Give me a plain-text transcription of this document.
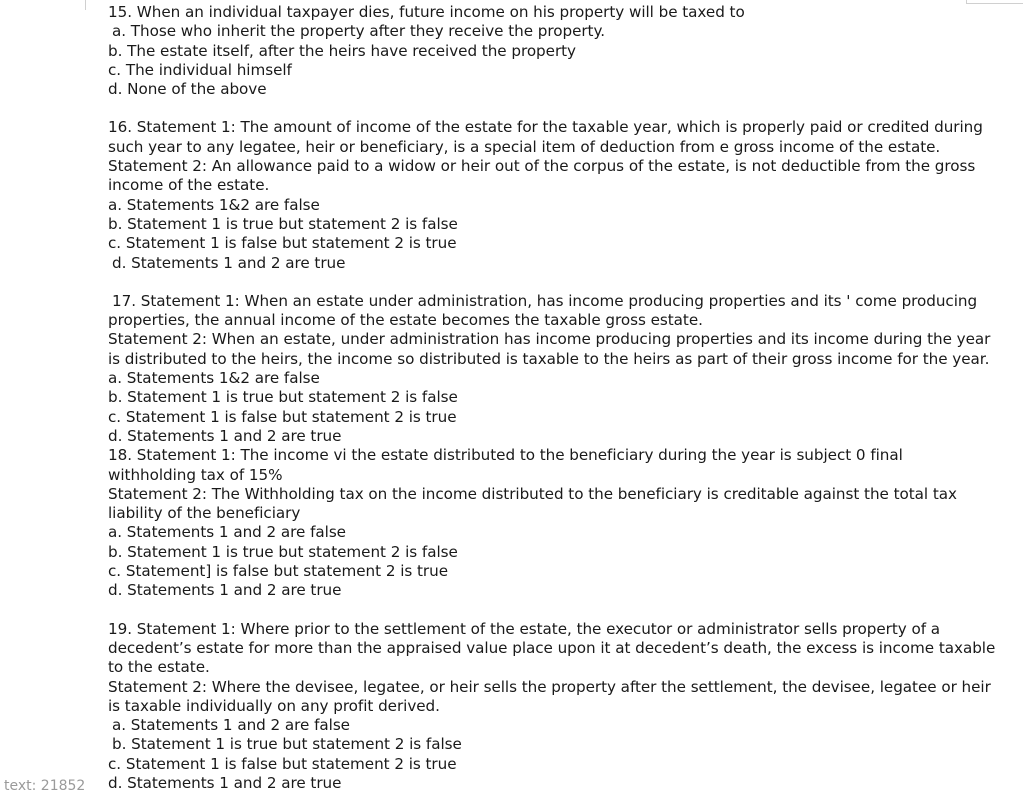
15. When an individual taxpayer dies, future income on his property will be taxed to
a. Those who inherit the property after they receive the property.
b. The estate itself, after the heirs have received the property
c. The individual himself
d. None of the above
16. Statement 1: The amount of income of the estate for the taxable year, which is properly paid or credited during
such year to any legatee, heir or beneficiary, is a special item of deduction from e gross income of the estate.
Statement 2: An allowance paid to a widow or heir out of the corpus of the estate, is not deductible from the gross
income of the estate.
a. Statements 1&2 are false
b. Statement 1 is true but statement 2 is false
c. Statement 1 is false but statement 2 is true
d. Statements 1 and 2 are true
17. Statement 1: When an estate under administration, has income producing properties and its ' come producing
properties, the annual income of the estate becomes the taxable gross estate.
Statement 2: When an estate, under administration has income producing properties and its income during the year
is distributed to the heirs, the income so distributed is taxable to the heirs as part of their gross income for the year.
a. Statements 1&2 are false
b. Statement 1 is true but statement 2 is false
c. Statement 1 is false but statement 2 is true
d. Statements 1 and 2 are true
18. Statement 1: The income vi the estate distributed to the beneficiary during the year is subject 0 final
withholding tax of 15%
Statement 2: The Withholding tax on the income distributed to the beneficiary is creditable against the total tax
liability of the beneficiary
a. Statements 1 and 2 are false
b. Statement 1 is true but statement 2 is false
c. Statement] is false but statement 2 is true
d. Statements 1 and 2 are true
19. Statement 1: Where prior to the settlement of the estate, the executor or administrator sells property of a
decedent’s estate for more than the appraised value place upon it at decedent’s death, the excess is income taxable
to the estate.
Statement 2: Where the devisee, legatee, or heir sells the property after the settlement, the devisee, legatee or heir
is taxable individually on any profit derived.
a. Statements 1 and 2 are false
b. Statement 1 is true but statement 2 is false
c. Statement 1 is false but statement 2 is true
d. Statements 1 and 2 are true
text: 21852
